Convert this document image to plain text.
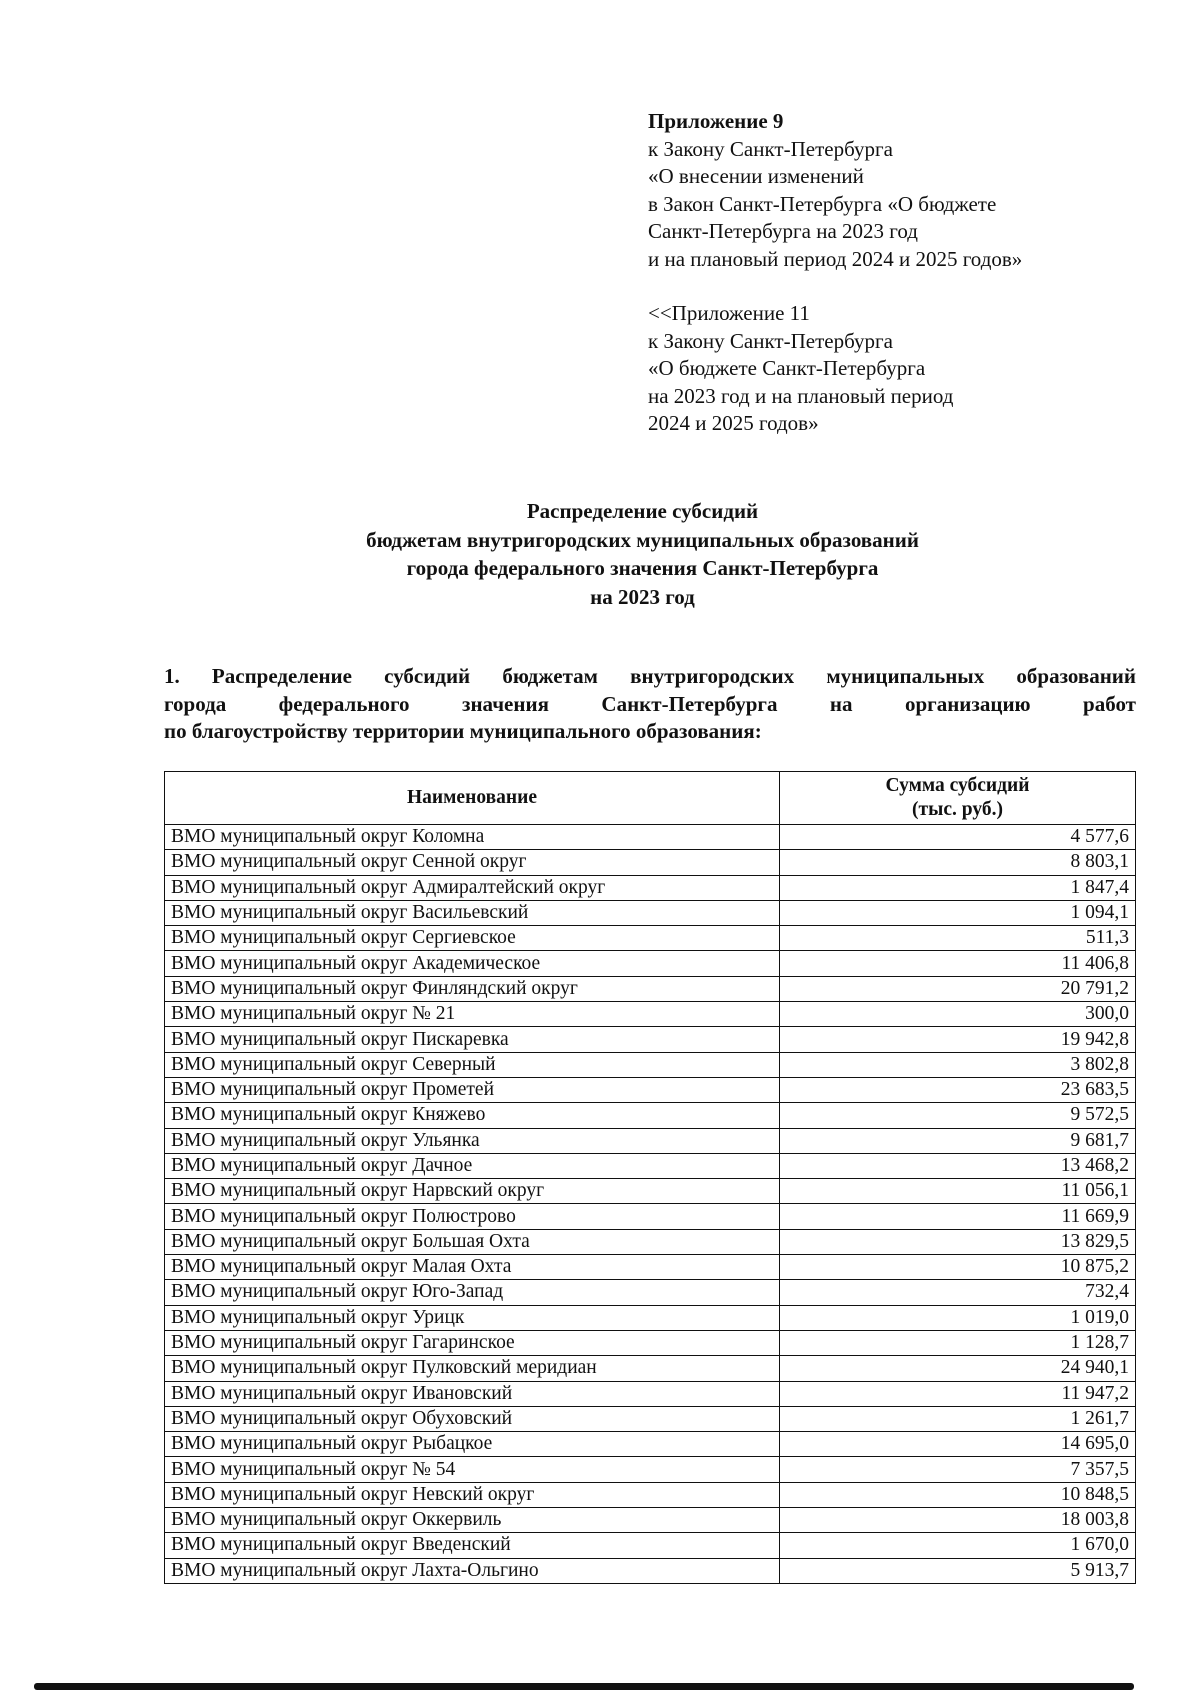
Приложение 9
к Закону Санкт-Петербурга
«О внесении изменений
в Закон Санкт-Петербурга «О бюджете
Санкт-Петербурга на 2023 год
и на плановый период 2024 и 2025 годов»
<<Приложение 11
к Закону Санкт-Петербурга
«О бюджете Санкт-Петербурга
на 2023 год и на плановый период
2024 и 2025 годов»
Распределение субсидий
бюджетам внутригородских муниципальных образований
города федерального значения Санкт-Петербурга
на 2023 год
1. Распределение субсидий бюджетам внутригородских муниципальных образований
города федерального значения Санкт-Петербурга на организацию работ
по благоустройству территории муниципального образования:
Наименование	Сумма субсидий
(тыс. руб.)

ВМО муниципальный округ Коломна	4 577,6
ВМО муниципальный округ Сенной округ	8 803,1
ВМО муниципальный округ Адмиралтейский округ	1 847,4
ВМО муниципальный округ Васильевский	1 094,1
ВМО муниципальный округ Сергиевское	511,3
ВМО муниципальный округ Академическое	11 406,8
ВМО муниципальный округ Финляндский округ	20 791,2
ВМО муниципальный округ № 21	300,0
ВМО муниципальный округ Пискаревка	19 942,8
ВМО муниципальный округ Северный	3 802,8
ВМО муниципальный округ Прометей	23 683,5
ВМО муниципальный округ Княжево	9 572,5
ВМО муниципальный округ Ульянка	9 681,7
ВМО муниципальный округ Дачное	13 468,2
ВМО муниципальный округ Нарвский округ	11 056,1
ВМО муниципальный округ Полюстрово	11 669,9
ВМО муниципальный округ Большая Охта	13 829,5
ВМО муниципальный округ Малая Охта	10 875,2
ВМО муниципальный округ Юго-Запад	732,4
ВМО муниципальный округ Урицк	1 019,0
ВМО муниципальный округ Гагаринское	1 128,7
ВМО муниципальный округ Пулковский меридиан	24 940,1
ВМО муниципальный округ Ивановский	11 947,2
ВМО муниципальный округ Обуховский	1 261,7
ВМО муниципальный округ Рыбацкое	14 695,0
ВМО муниципальный округ № 54	7 357,5
ВМО муниципальный округ Невский округ	10 848,5
ВМО муниципальный округ Оккервиль	18 003,8
ВМО муниципальный округ Введенский	1 670,0
ВМО муниципальный округ Лахта-Ольгино	5 913,7
